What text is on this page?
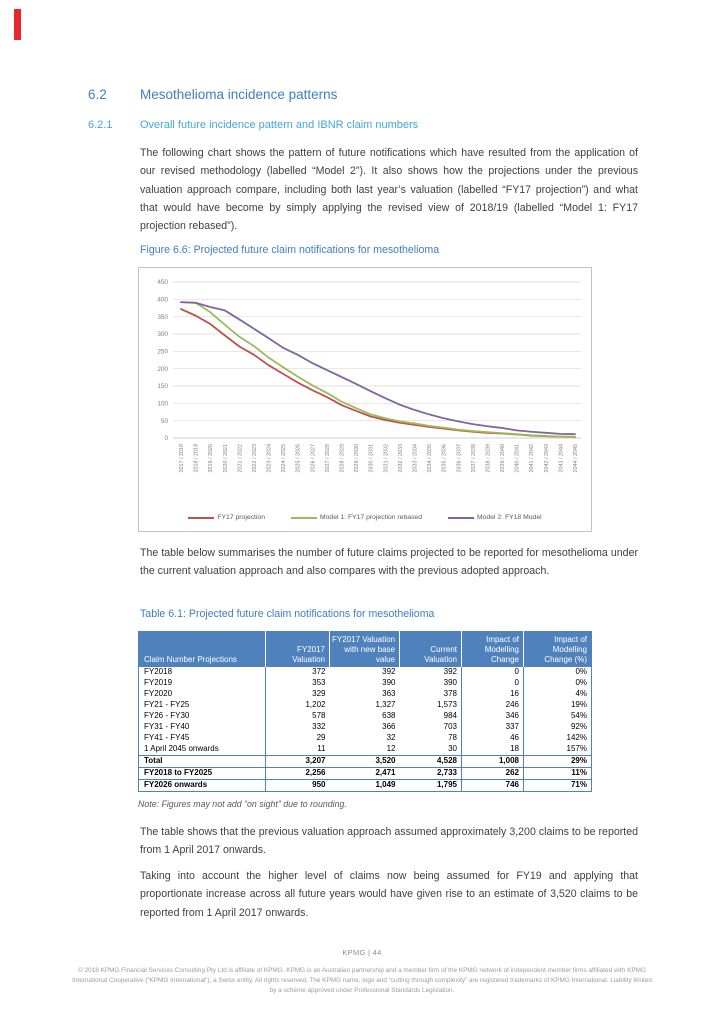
6.2 Mesothelioma incidence patterns
6.2.1	Overall future incidence pattern and IBNR claim numbers
The following chart shows the pattern of future notifications which have resulted from the application of our revised methodology (labelled “Model 2”). It also shows how the projections under the previous valuation approach compare, including both last year’s valuation (labelled “FY17 projection”) and what that would have become by simply applying the revised view of 2018/19 (labelled “Model 1: FY17 projection rebased”).
Figure 6.6: Projected future claim notifications for mesothelioma
0
50
100
150
200
250
300
350
400
450
2017 / 2018 2018 / 2019 2019 / 2020 2020 / 2021 2021 / 2022 2022 / 2023 2023 / 2024 2024 / 2025 2025 / 2026 2026 / 2027 2027 / 2028 2028 / 2029 2029 / 2030 2030 / 2031 2031 / 2032 2032 / 2033 2033 / 2034 2034 / 2035 2035 / 2036 2036 / 2037 2037 / 2038 2038 / 2039 2039 / 2040 2040 / 2041 2041 / 2042 2042 / 2043 2043 / 2044 2044 / 2045
FY17 projection	Model 1: FY17 projection rebased	Model 2: FY18 Model
The table below summarises the number of future claims projected to be reported for mesothelioma under the current valuation approach and also compares with the previous adopted approach.
Table 6.1: Projected future claim notifications for mesothelioma
Claim Number Projections	FY2017 Valuation	FY2017 Valuation with new base value	Current Valuation	Impact of Modelling Change	Impact of Modelling Change (%)
FY2018	372	392	392	0	0%
FY2019	353	390	390	0	0%
FY2020	329	363	378	16	4%
FY21 - FY25	1,202	1,327	1,573	246	19%
FY26 - FY30	578	638	984	346	54%
FY31 - FY40	332	366	703	337	92%
FY41 - FY45	29	32	78	46	142%
1 April 2045 onwards	11	12	30	18	157%
Total	3,207	3,520	4,528	1,008	29%
FY2018 to FY2025	2,256	2,471	2,733	262	11%
FY2026 onwards	950	1,049	1,795	746	71%
Note: Figures may not add “on sight” due to rounding.
The table shows that the previous valuation approach assumed approximately 3,200 claims to be reported from 1 April 2017 onwards.
Taking into account the higher level of claims now being assumed for FY19 and applying that proportionate increase across all future years would have given rise to an estimate of 3,520 claims to be reported from 1 April 2017 onwards.
KPMG | 44
© 2018 KPMG Financial Services Consulting Pty Ltd is affiliate of KPMG. KPMG is an Australian partnership and a member firm of the KPMG network of independent member firms affiliated with KPMG International Cooperative (“KPMG International”), a Swiss entity. All rights reserved. The KPMG name, logo and “cutting through complexity” are registered trademarks of KPMG International. Liability limited by a scheme approved under Professional Standards Legislation.
